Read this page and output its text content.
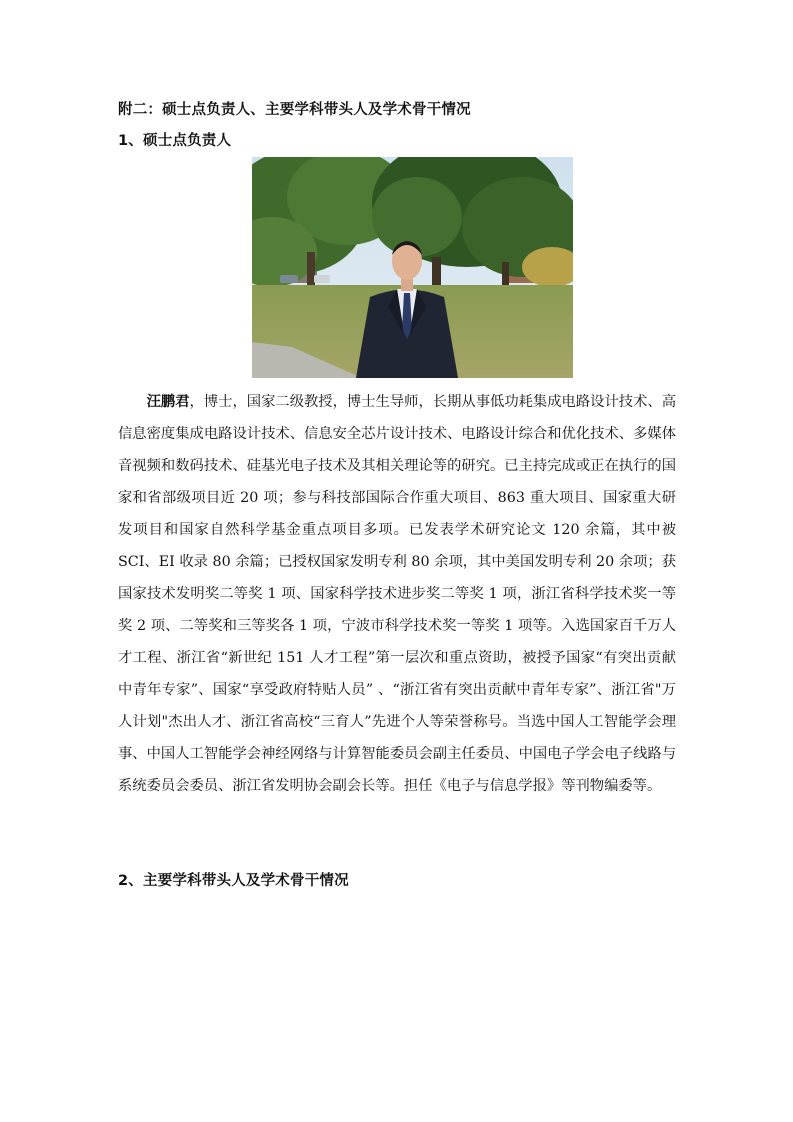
附二：硕士点负责人、主要学科带头人及学术骨干情况
1、硕士点负责人

汪鹏君，博士，国家二级教授，博士生导师，长期从事低功耗集成电路设计技术、高信息密度集成电路设计技术、信息安全芯片设计技术、电路设计综合和优化技术、多媒体音视频和数码技术、硅基光电子技术及其相关理论等的研究。已主持完成或正在执行的国家和省部级项目近 20 项；参与科技部国际合作重大项目、863 重大项目、国家重大研发项目和国家自然科学基金重点项目多项。已发表学术研究论文 120 余篇，其中被 SCI、EI 收录 80 余篇；已授权国家发明专利 80 余项，其中美国发明专利 20 余项；获国家技术发明奖二等奖 1 项、国家科学技术进步奖二等奖 1 项，浙江省科学技术奖一等奖 2 项、二等奖和三等奖各 1 项，宁波市科学技术奖一等奖 1 项等。入选国家百千万人才工程、浙江省“新世纪 151 人才工程”第一层次和重点资助，被授予国家“有突出贡献中青年专家”、国家“享受政府特贴人员” 、“浙江省有突出贡献中青年专家”、浙江省"万人计划"杰出人才、浙江省高校“三育人”先进个人等荣誉称号。当选中国人工智能学会理事、中国人工智能学会神经网络与计算智能委员会副主任委员、中国电子学会电子线路与系统委员会委员、浙江省发明协会副会长等。担任《电子与信息学报》等刊物编委等。

2、主要学科带头人及学术骨干情况
